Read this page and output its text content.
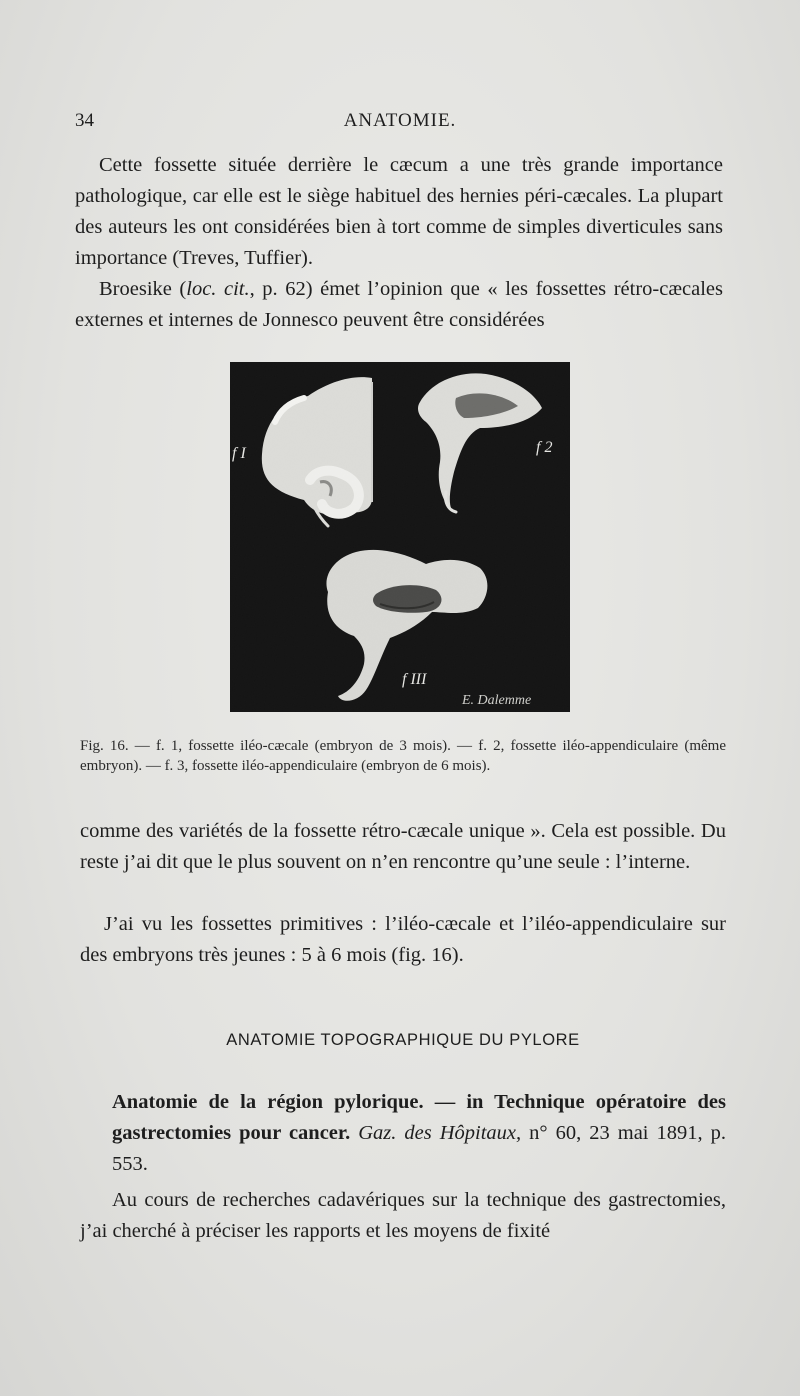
34	ANATOMIE.

Cette fossette située derrière le cæcum a une très grande importance pathologique, car elle est le siège habituel des hernies péri-cæcales. La plupart des auteurs les ont considérées bien à tort comme de simples diverticules sans importance (Treves, Tuffier).

Broesike (loc. cit., p. 62) émet l’opinion que « les fossettes rétro-cæcales externes et internes de Jonnesco peuvent être considérées

f I	f 2
f III
E. Dalemme

Fig. 16. — f. 1, fossette iléo-cæcale (embryon de 3 mois). — f. 2, fossette iléo-appendiculaire (même embryon). — f. 3, fossette iléo-appendiculaire (embryon de 6 mois).

comme des variétés de la fossette rétro-cæcale unique ». Cela est possible. Du reste j’ai dit que le plus souvent on n’en rencontre qu’une seule : l’interne.

J’ai vu les fossettes primitives : l’iléo-cæcale et l’iléo-appendiculaire sur des embryons très jeunes : 5 à 6 mois (fig. 16).

ANATOMIE TOPOGRAPHIQUE DU PYLORE

Anatomie de la région pylorique. — in Technique opératoire des gastrectomies pour cancer. Gaz. des Hôpitaux, n° 60, 23 mai 1891, p. 553.

Au cours de recherches cadavériques sur la technique des gastrectomies, j’ai cherché à préciser les rapports et les moyens de fixité
